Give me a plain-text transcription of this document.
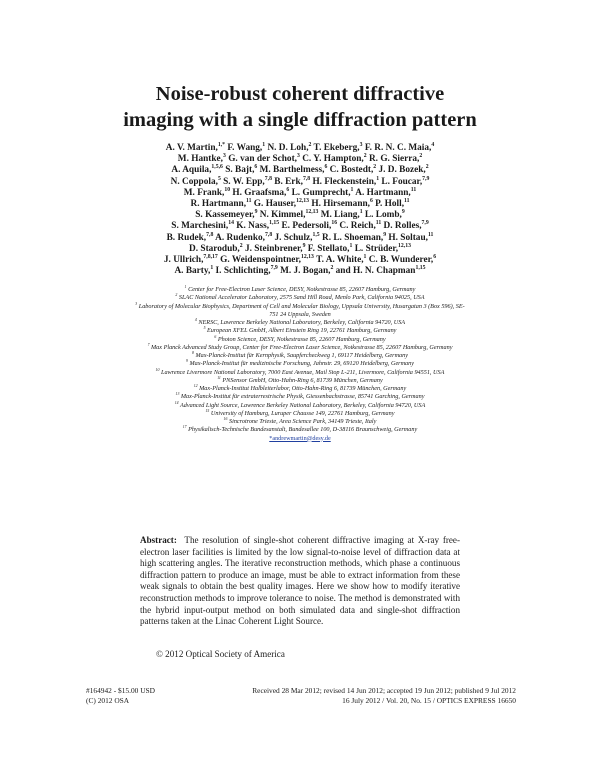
Noise-robust coherent diffractive
imaging with a single diffraction pattern
A. V. Martin,$^{1,*}$ F. Wang,$^1$ N. D. Loh,$^2$ T. Ekeberg,$^3$ F. R. N. C. Maia,$^4$
M. Hantke,$^3$ G. van der Schot,$^3$ C. Y. Hampton,$^2$ R. G. Sierra,$^2$
A. Aquila,$^{1,5,6}$ S. Bajt,$^6$ M. Barthelmess,$^6$ C. Bostedt,$^2$ J. D. Bozek,$^2$
N. Coppola,$^5$ S. W. Epp,$^{7,8}$ B. Erk,$^{7,8}$ H. Fleckenstein,$^1$ L. Foucar,$^{7,9}$
M. Frank,$^{10}$ H. Graafsma,$^6$ L. Gumprecht,$^1$ A. Hartmann,$^{11}$
R. Hartmann,$^{11}$ G. Hauser,$^{12,13}$ H. Hirsemann,$^6$ P. Holl,$^{11}$
S. Kassemeyer,$^9$ N. Kimmel,$^{12,13}$ M. Liang,$^1$ L. Lomb,$^9$
S. Marchesini,$^{14}$ K. Nass,$^{1,15}$ E. Pedersoli,$^{16}$ C. Reich,$^{11}$ D. Rolles,$^{7,9}$
B. Rudek,$^{7,8}$ A. Rudenko,$^{7,8}$ J. Schulz,$^{1,5}$ R. L. Shoeman,$^9$ H. Soltau,$^{11}$
D. Starodub,$^2$ J. Steinbrener,$^9$ F. Stellato,$^1$ L. Strüder,$^{12,13}$
J. Ullrich,$^{7,8,17}$ G. Weidenspointner,$^{12,13}$ T. A. White,$^1$ C. B. Wunderer,$^6$
A. Barty,$^1$ I. Schlichting,$^{7,9}$ M. J. Bogan,$^2$ and H. N. Chapman$^{1,15}$
$^1$ Center for Free-Electron Laser Science, DESY, Notkestrasse 85, 22607 Hamburg, Germany
$^2$ SLAC National Accelerator Laboratory, 2575 Sand Hill Road, Menlo Park, California 94025, USA
$^3$ Laboratory of Molecular Biophysics, Department of Cell and Molecular Biology, Uppsala University, Husargatan 3 (Box 596), SE-751 24 Uppsala, Sweden
$^4$ NERSC, Lawrence Berkeley National Laboratory, Berkeley, California 94720, USA
$^5$ European XFEL GmbH, Albert Einstein Ring 19, 22761 Hamburg, Germany
$^6$ Photon Science, DESY, Notkestrasse 85, 22607 Hamburg, Germany
$^7$ Max Planck Advanced Study Group, Center for Free-Electron Laser Science, Notkestrasse 85, 22607 Hamburg, Germany
$^8$ Max-Planck-Institut für Kernphysik, Saupfercheckweg 1, 69117 Heidelberg, Germany
$^9$ Max-Planck-Institut für medizinische Forschung, Jahnstr. 29, 69120 Heidelberg, Germany
$^{10}$ Lawrence Livermore National Laboratory, 7000 East Avenue, Mail Stop L-211, Livermore, California 94551, USA
$^{11}$ PNSensor GmbH, Otto-Hahn-Ring 6, 81739 München, Germany
$^{12}$ Max-Planck-Institut Halbleiterlabor, Otto-Hahn-Ring 6, 81739 München, Germany
$^{13}$ Max-Planck-Institut für extraterrestrische Physik, Giessenbachstrasse, 85741 Garching, Germany
$^{14}$ Advanced Light Source, Lawrence Berkeley National Laboratory, Berkeley, California 94720, USA
$^{15}$ University of Hamburg, Luruper Chausse 149, 22761 Hamburg, Germany
$^{16}$ Sincrotrone Trieste, Area Science Park, 34149 Trieste, Italy
$^{17}$ Physikalisch-Technische Bundesanstalt, Bundesallee 100, D-38116 Braunschweig, Germany
*andrewmartin@desy.de
Abstract: The resolution of single-shot coherent diffractive imaging at X-ray free-electron laser facilities is limited by the low signal-to-noise level of diffraction data at high scattering angles. The iterative reconstruction methods, which phase a continuous diffraction pattern to produce an image, must be able to extract information from these weak signals to obtain the best quality images. Here we show how to modify iterative reconstruction methods to improve tolerance to noise. The method is demonstrated with the hybrid input-output method on both simulated data and single-shot diffraction patterns taken at the Linac Coherent Light Source.
© 2012 Optical Society of America
#164942 - $15.00 USD
(C) 2012 OSA
Received 28 Mar 2012; revised 14 Jun 2012; accepted 19 Jun 2012; published 9 Jul 2012
16 July 2012 / Vol. 20, No. 15 / OPTICS EXPRESS 16650
